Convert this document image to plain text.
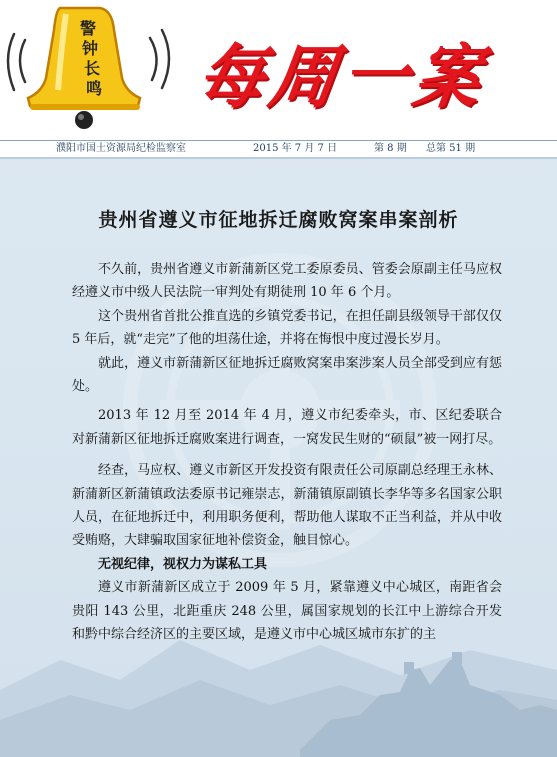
警
钟
长
鸣 每周一案
濮阳市国土资源局纪检监察室	2015 年 7 月 7 日	第 8 期 总第 51 期
贵州省遵义市征地拆迁腐败窝案串案剖析

不久前，贵州省遵义市新蒲新区党工委原委员、管委会原副主任马应权经遵义市中级人民法院一审判处有期徒刑 10 年 6 个月。

这个贵州省首批公推直选的乡镇党委书记，在担任副县级领导干部仅仅 5 年后，就“走完”了他的坦荡仕途，并将在悔恨中度过漫长岁月。

就此，遵义市新蒲新区征地拆迁腐败窝案串案涉案人员全部受到应有惩处。

2013 年 12 月至 2014 年 4 月，遵义市纪委牵头，市、区纪委联合对新蒲新区征地拆迁腐败案进行调查，一窝发民生财的“硕鼠”被一网打尽。

经查，马应权、遵义市新区开发投资有限责任公司原副总经理王永林、新蒲新区新蒲镇政法委原书记雍崇志，新蒲镇原副镇长李华等多名国家公职人员，在征地拆迁中，利用职务便利，帮助他人谋取不正当利益，并从中收受贿赂，大肆骗取国家征地补偿资金，触目惊心。

无视纪律，视权力为谋私工具

遵义市新蒲新区成立于 2009 年 5 月，紧靠遵义中心城区，南距省会贵阳 143 公里，北距重庆 248 公里，属国家规划的长江中上游综合开发和黔中综合经济区的主要区域，是遵义市中心城区城市东扩的主
